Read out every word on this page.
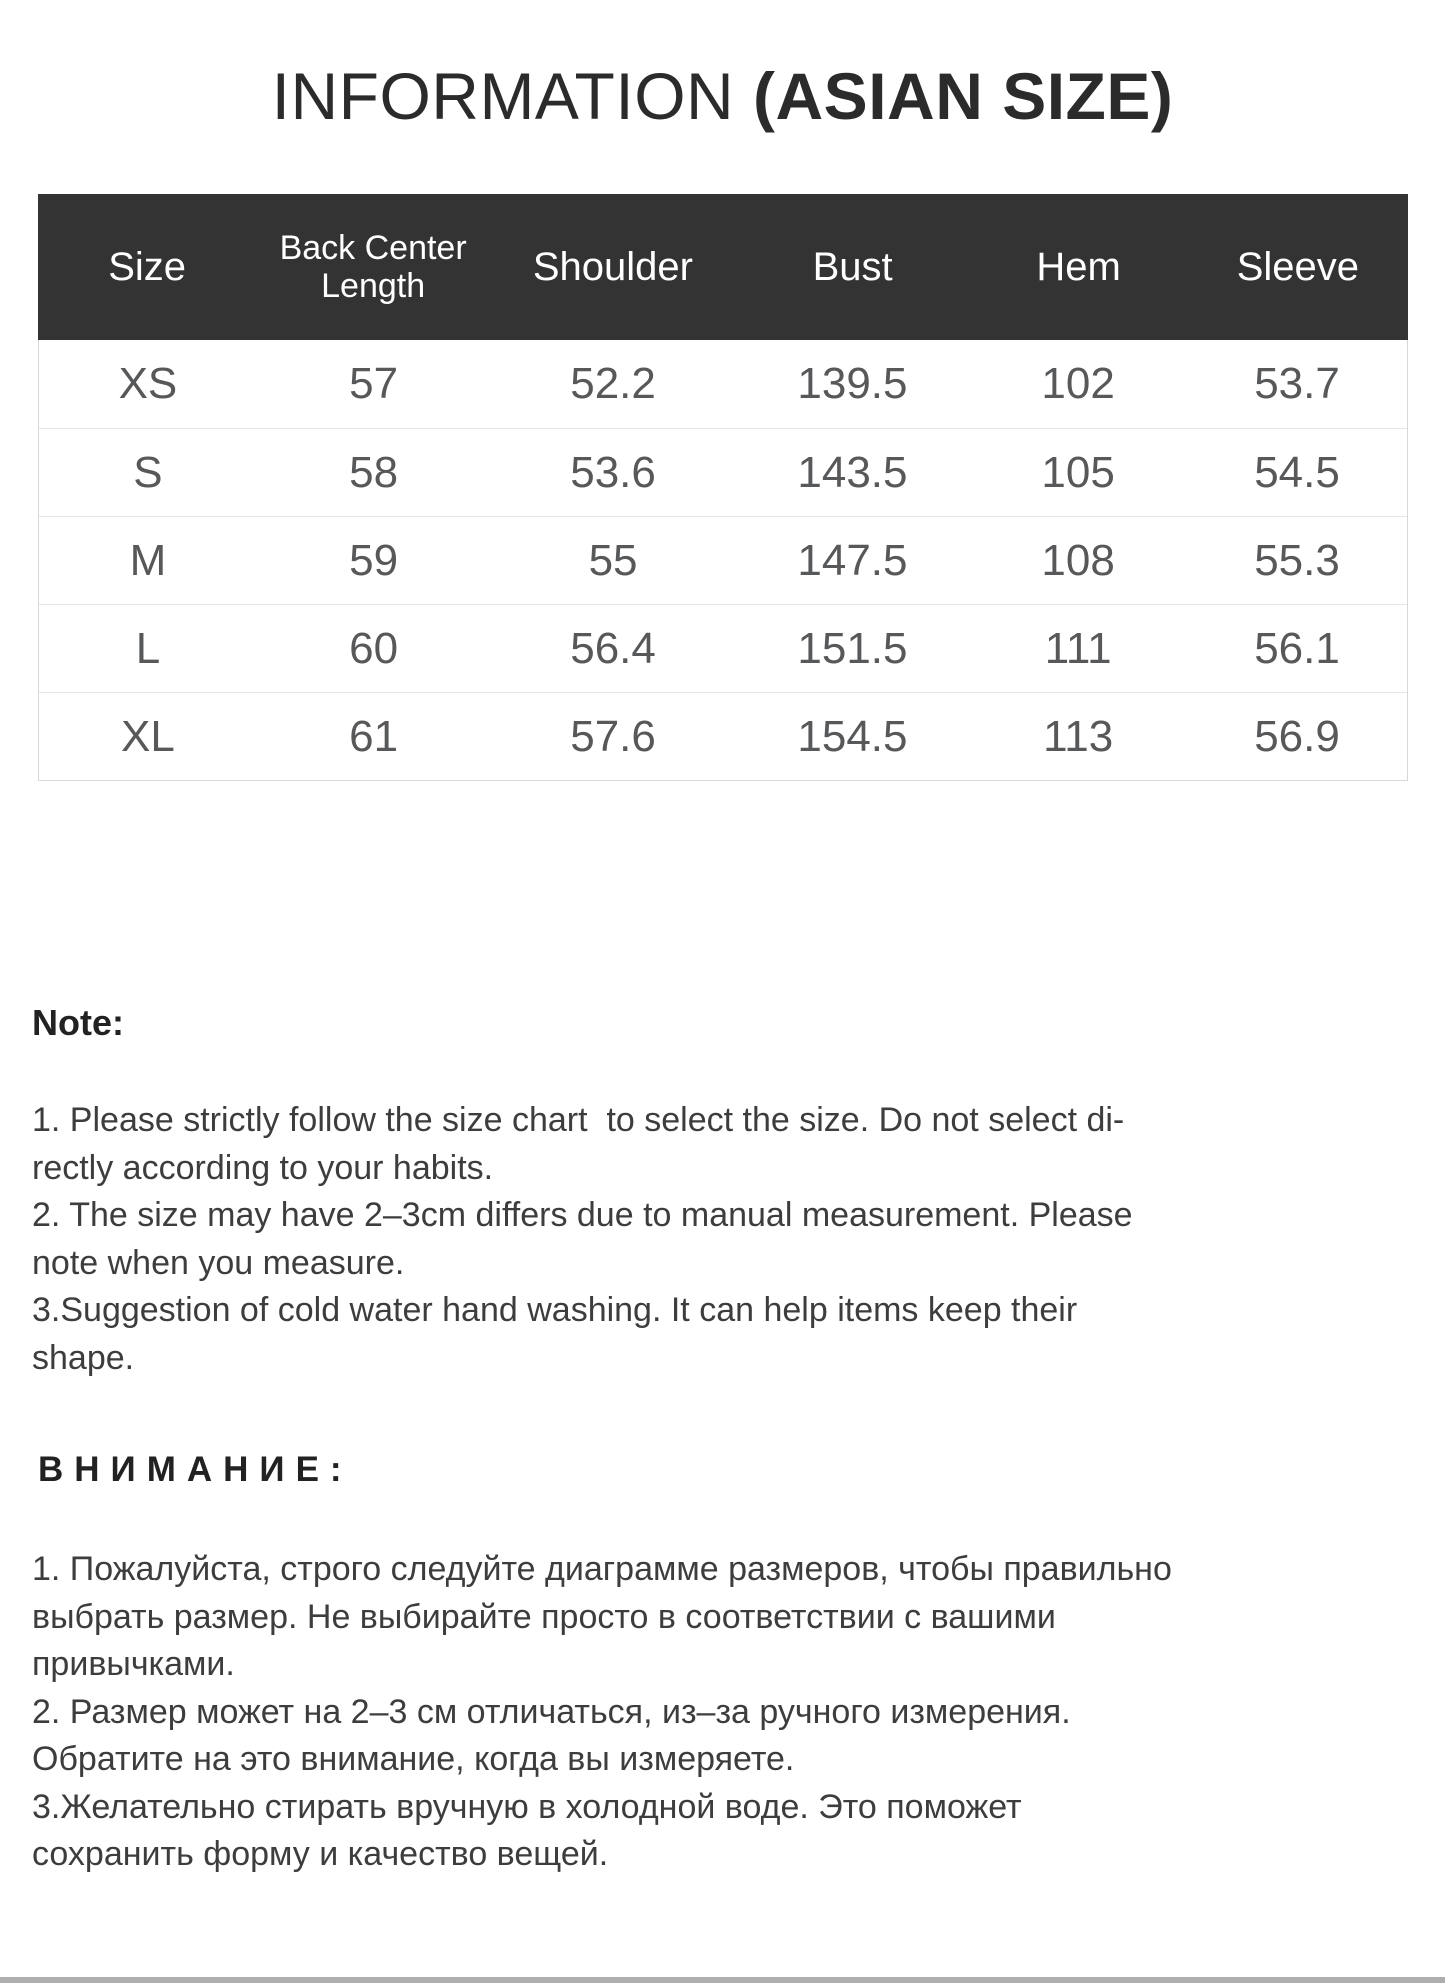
INFORMATION (ASIAN SIZE)
Size	Back Center Length	Shoulder	Bust	Hem	Sleeve
XS	57	52.2	139.5	102	53.7
S	58	53.6	143.5	105	54.5
M	59	55	147.5	108	55.3
L	60	56.4	151.5	111	56.1
XL	61	57.6	154.5	113	56.9
Note:
1. Please strictly follow the size chart  to select the size. Do not select di-
rectly according to your habits.
2. The size may have 2–3cm differs due to manual measurement. Please
note when you measure.
3.Suggestion of cold water hand washing. It can help items keep their
shape.
ВНИМАНИЕ:
1. Пожалуйста, строго следуйте диаграмме размеров, чтобы правильно
выбрать размер. Не выбирайте просто в соответствии с вашими
привычками.
2. Размер может на 2–3 см отличаться, из–за ручного измерения.
Обратите на это внимание, когда вы измеряете.
3.Желательно стирать вручную в холодной воде. Это поможет
сохранить форму и качество вещей.
